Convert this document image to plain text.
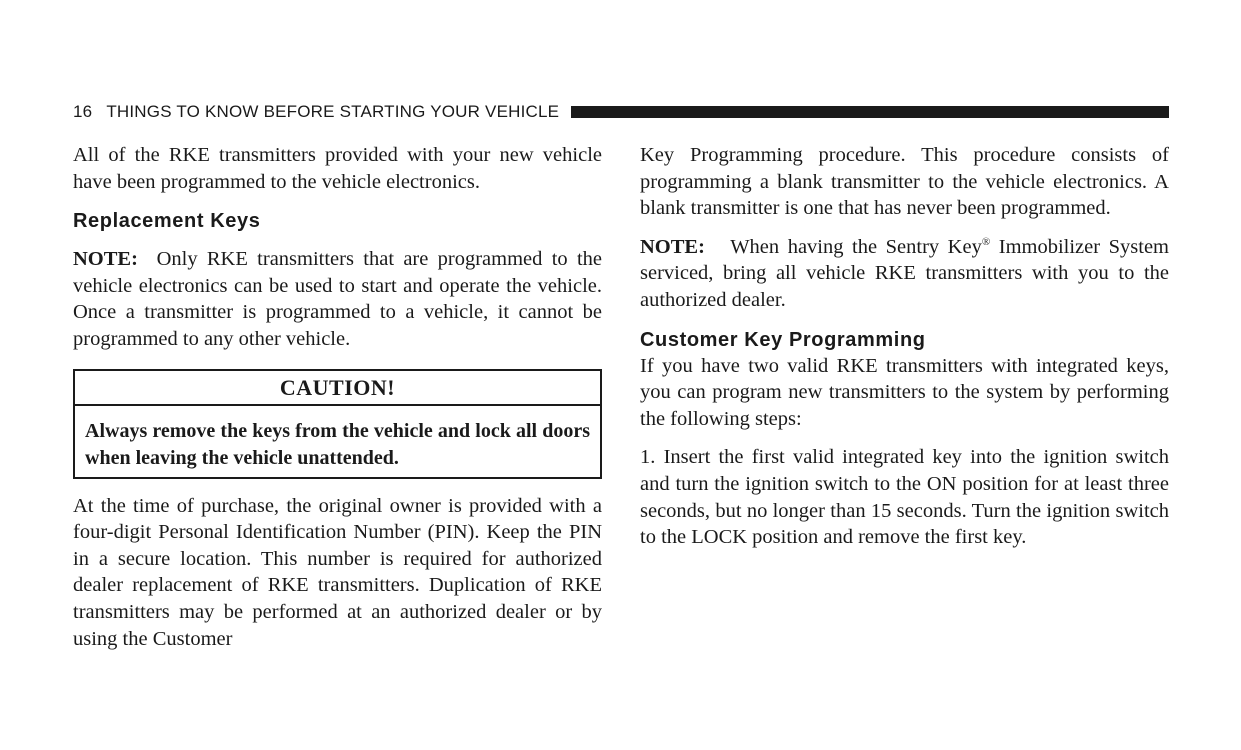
16 THINGS TO KNOW BEFORE STARTING YOUR VEHICLE

All of the RKE transmitters provided with your new vehicle have been programmed to the vehicle electronics.

Replacement Keys

NOTE: Only RKE transmitters that are programmed to the vehicle electronics can be used to start and operate the vehicle. Once a transmitter is programmed to a vehicle, it cannot be programmed to any other vehicle.

CAUTION!
Always remove the keys from the vehicle and lock all doors when leaving the vehicle unattended.

At the time of purchase, the original owner is provided with a four-digit Personal Identification Number (PIN). Keep the PIN in a secure location. This number is required for authorized dealer replacement of RKE transmitters. Duplication of RKE transmitters may be performed at an authorized dealer or by using the Customer

Key Programming procedure. This procedure consists of programming a blank transmitter to the vehicle electronics. A blank transmitter is one that has never been programmed.

NOTE: When having the Sentry Key® Immobilizer System serviced, bring all vehicle RKE transmitters with you to the authorized dealer.

Customer Key Programming

If you have two valid RKE transmitters with integrated keys, you can program new transmitters to the system by performing the following steps:

1. Insert the first valid integrated key into the ignition switch and turn the ignition switch to the ON position for at least three seconds, but no longer than 15 seconds. Turn the ignition switch to the LOCK position and remove the first key.
